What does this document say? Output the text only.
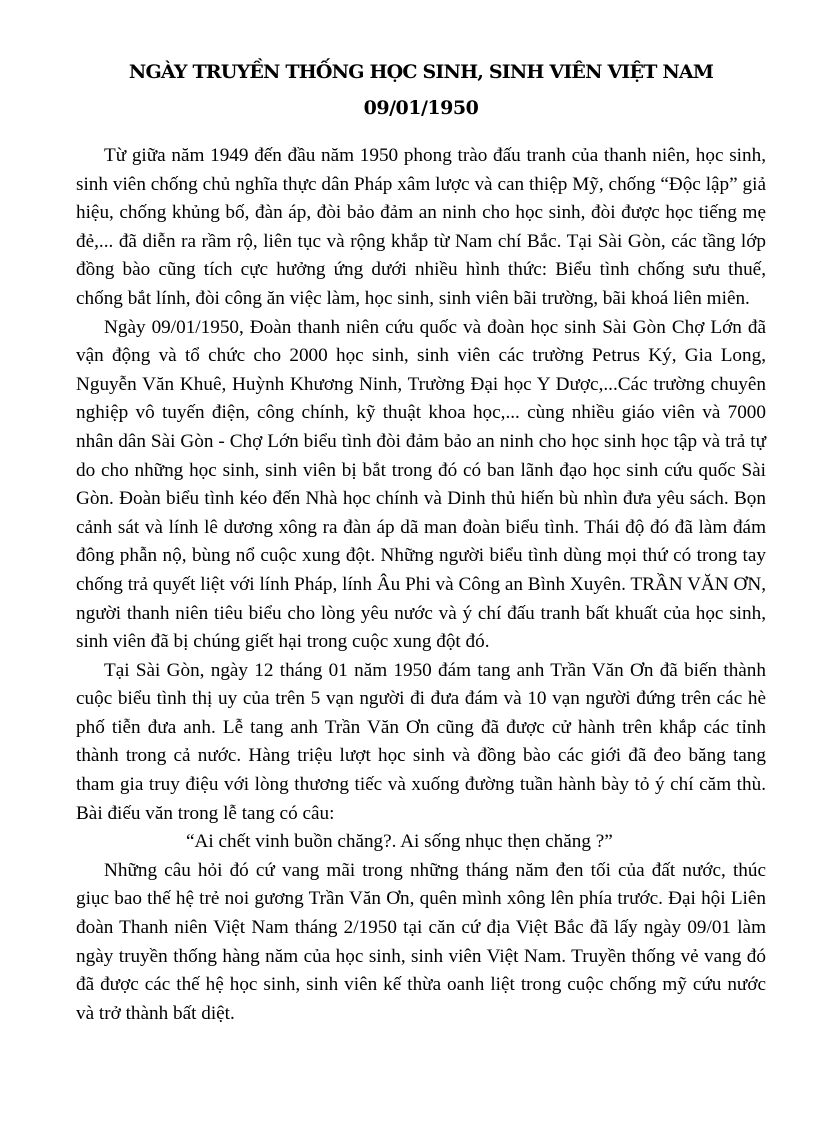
NGÀY TRUYỀN THỐNG HỌC SINH, SINH VIÊN VIỆT NAM
09/01/1950

Từ giữa năm 1949 đến đầu năm 1950 phong trào đấu tranh của thanh niên, học sinh, sinh viên chống chủ nghĩa thực dân Pháp xâm lược và can thiệp Mỹ, chống “Độc lập” giả hiệu, chống khủng bố, đàn áp, đòi bảo đảm an ninh cho học sinh, đòi được học tiếng mẹ đẻ,... đã diễn ra rầm rộ, liên tục và rộng khắp từ Nam chí Bắc. Tại Sài Gòn, các tầng lớp đồng bào cũng tích cực hưởng ứng dưới nhiều hình thức: Biểu tình chống sưu thuế, chống bắt lính, đòi công ăn việc làm, học sinh, sinh viên bãi trường, bãi khoá liên miên.

Ngày 09/01/1950, Đoàn thanh niên cứu quốc và đoàn học sinh Sài Gòn Chợ Lớn đã vận động và tổ chức cho 2000 học sinh, sinh viên các trường Petrus Ký, Gia Long, Nguyễn Văn Khuê, Huỳnh Khương Ninh, Trường Đại học Y Dược,...Các trường chuyên nghiệp vô tuyến điện, công chính, kỹ thuật khoa học,... cùng nhiều giáo viên và 7000 nhân dân Sài Gòn - Chợ Lớn biểu tình đòi đảm bảo an ninh cho học sinh học tập và trả tự do cho những học sinh, sinh viên bị bắt trong đó có ban lãnh đạo học sinh cứu quốc Sài Gòn. Đoàn biểu tình kéo đến Nhà học chính và Dinh thủ hiến bù nhìn đưa yêu sách. Bọn cảnh sát và lính lê dương xông ra đàn áp dã man đoàn biểu tình. Thái độ đó đã làm đám đông phẫn nộ, bùng nổ cuộc xung đột. Những người biểu tình dùng mọi thứ có trong tay chống trả quyết liệt với lính Pháp, lính Âu Phi và Công an Bình Xuyên. TRẦN VĂN ƠN, người thanh niên tiêu biểu cho lòng yêu nước và ý chí đấu tranh bất khuất của học sinh, sinh viên đã bị chúng giết hại trong cuộc xung đột đó.

Tại Sài Gòn, ngày 12 tháng 01 năm 1950 đám tang anh Trần Văn Ơn đã biến thành cuộc biểu tình thị uy của trên 5 vạn người đi đưa đám và 10 vạn người đứng trên các hè phố tiễn đưa anh. Lễ tang anh Trần Văn Ơn cũng đã được cử hành trên khắp các tỉnh thành trong cả nước. Hàng triệu lượt học sinh và đồng bào các giới đã đeo băng tang tham gia truy điệu với lòng thương tiếc và xuống đường tuần hành bày tỏ ý chí căm thù. Bài điếu văn trong lễ tang có câu:

“Ai chết vinh buồn chăng?. Ai sống nhục thẹn chăng ?”

Những câu hỏi đó cứ vang mãi trong những tháng năm đen tối của đất nước, thúc giục bao thế hệ trẻ noi gương Trần Văn Ơn, quên mình xông lên phía trước. Đại hội Liên đoàn Thanh niên Việt Nam tháng 2/1950 tại căn cứ địa Việt Bắc đã lấy ngày 09/01 làm ngày truyền thống hàng năm của học sinh, sinh viên Việt Nam. Truyền thống vẻ vang đó đã được các thế hệ học sinh, sinh viên kế thừa oanh liệt trong cuộc chống mỹ cứu nước và trở thành bất diệt.
